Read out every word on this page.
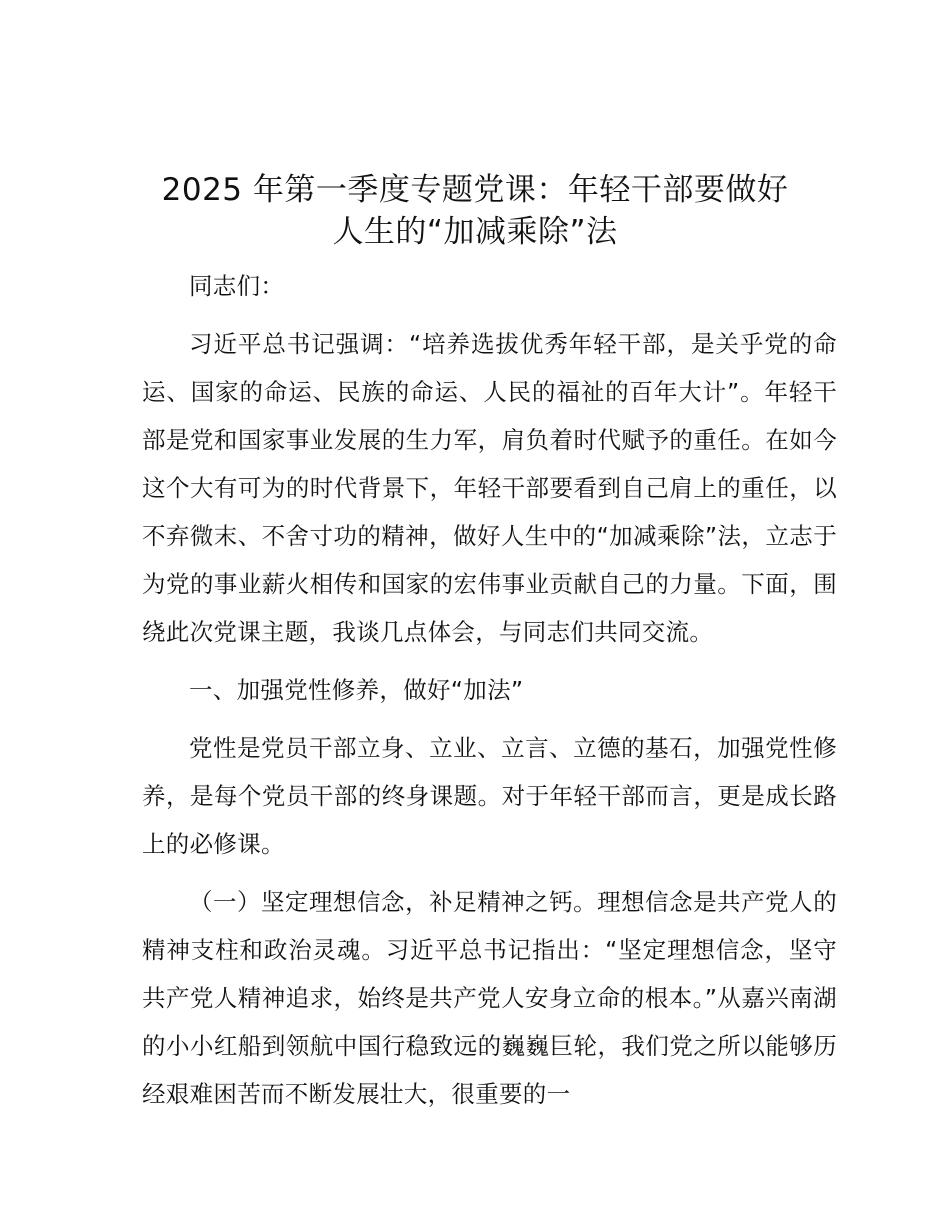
2025 年第一季度专题党课：年轻干部要做好
人生的“加减乘除”法

同志们：

习近平总书记强调：“培养选拔优秀年轻干部，是关乎党的命运、国家的命运、民族的命运、人民的福祉的百年大计”。年轻干部是党和国家事业发展的生力军，肩负着时代赋予的重任。在如今这个大有可为的时代背景下，年轻干部要看到自己肩上的重任，以不弃微末、不舍寸功的精神，做好人生中的“加减乘除”法，立志于为党的事业薪火相传和国家的宏伟事业贡献自己的力量。下面，围绕此次党课主题，我谈几点体会，与同志们共同交流。

一、加强党性修养，做好“加法”

党性是党员干部立身、立业、立言、立德的基石，加强党性修养，是每个党员干部的终身课题。对于年轻干部而言，更是成长路上的必修课。

（一）坚定理想信念，补足精神之钙。理想信念是共产党人的精神支柱和政治灵魂。习近平总书记指出：“坚定理想信念，坚守共产党人精神追求，始终是共产党人安身立命的根本。”从嘉兴南湖的小小红船到领航中国行稳致远的巍巍巨轮，我们党之所以能够历经艰难困苦而不断发展壮大，很重要的一
